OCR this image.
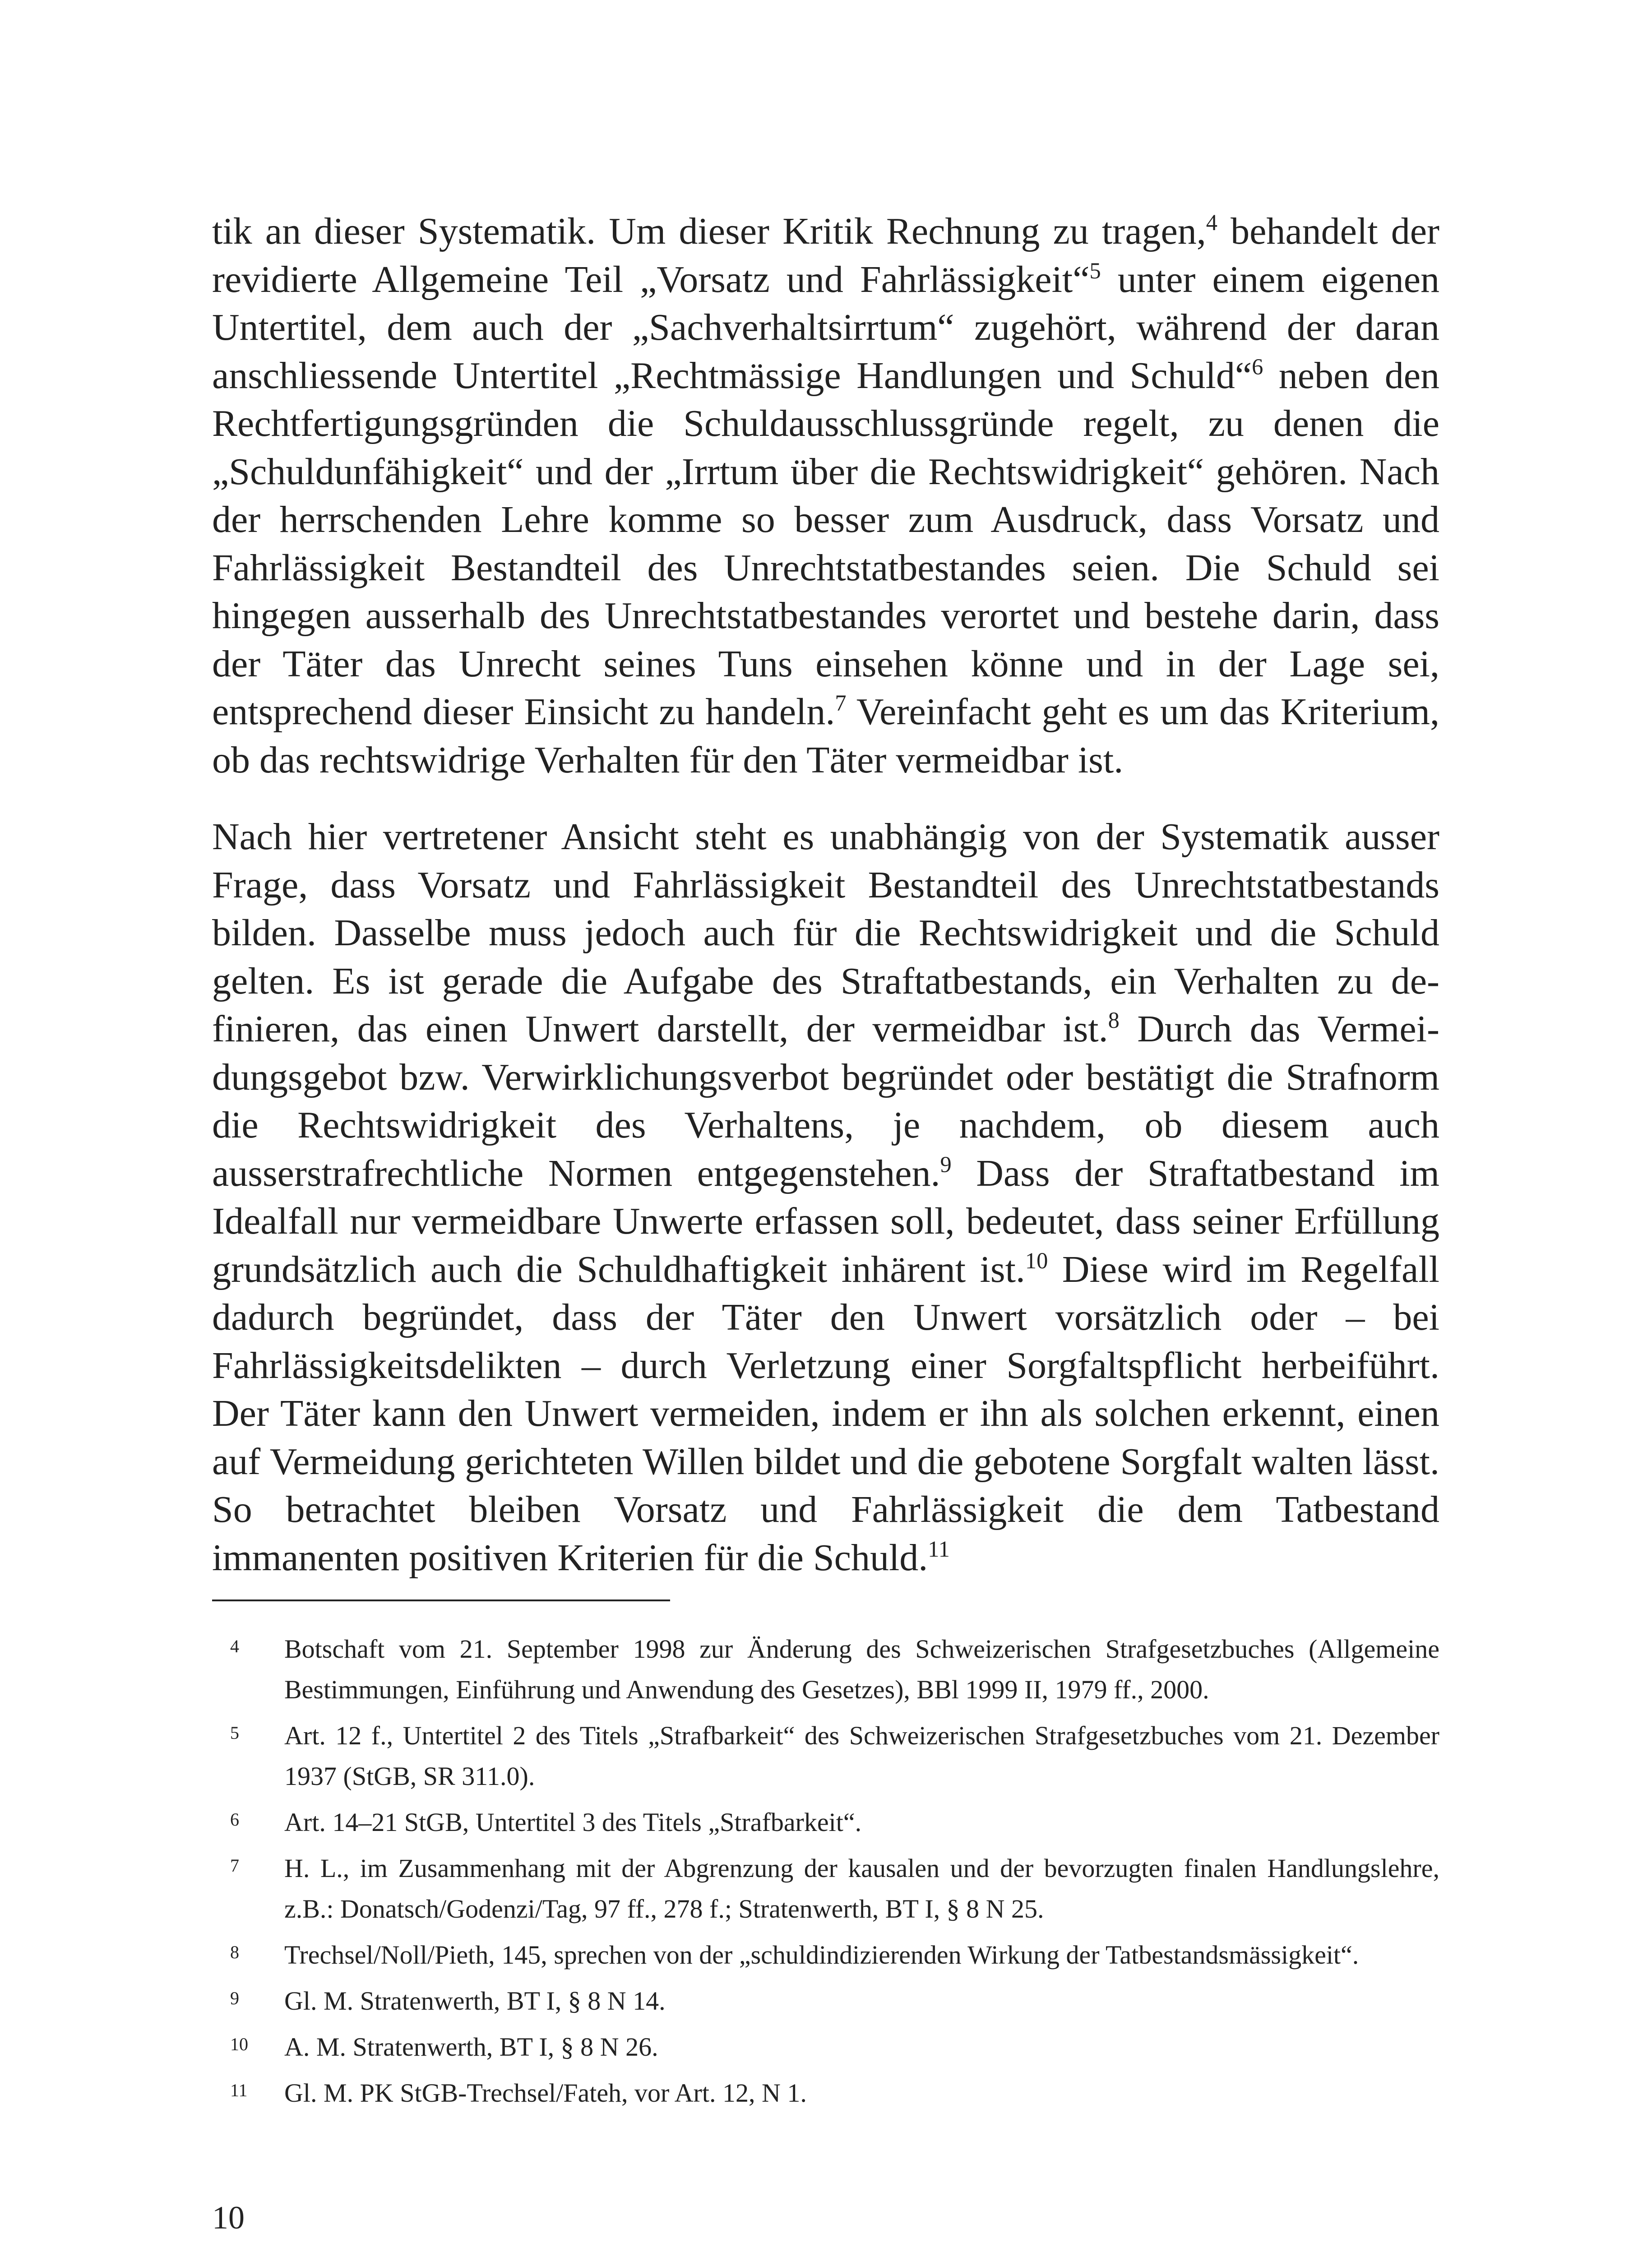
tik an dieser Systematik. Um dieser Kritik Rechnung zu tragen,$^4$ behandelt der revidierte Allgemeine Teil „Vorsatz und Fahrlässigkeit“$^5$ unter einem eigenen Untertitel, dem auch der „Sachverhaltsirrtum“ zugehört, während der daran anschliessende Untertitel „Rechtmässige Handlungen und Schuld“$^6$ neben den Rechtfertigungsgründen die Schuldausschlussgründe regelt, zu denen die „Schuldunfähigkeit“ und der „Irrtum über die Rechtswidrigkeit“ gehören. Nach der herrschenden Lehre komme so besser zum Ausdruck, dass Vorsatz und Fahrlässigkeit Bestandteil des Unrechtstatbestandes seien. Die Schuld sei hingegen ausserhalb des Unrechtstatbestandes verortet und bestehe darin, dass der Täter das Unrecht seines Tuns einsehen könne und in der Lage sei, entsprechend dieser Einsicht zu handeln.$^7$ Vereinfacht geht es um das Kriterium, ob das rechtswidrige Verhalten für den Täter vermeidbar ist.

Nach hier vertretener Ansicht steht es unabhängig von der Systematik ausser Frage, dass Vorsatz und Fahrlässigkeit Bestandteil des Unrechtstatbestands bilden. Dasselbe muss jedoch auch für die Rechtswidrigkeit und die Schuld gelten. Es ist gerade die Aufgabe des Straftatbestands, ein Verhalten zu definieren, das einen Unwert darstellt, der vermeidbar ist.$^8$ Durch das Vermeidungsgebot bzw. Verwirklichungsverbot begründet oder bestätigt die Strafnorm die Rechtswidrigkeit des Verhaltens, je nachdem, ob diesem auch ausserstrafrechtliche Normen entgegenstehen.$^9$ Dass der Straftatbestand im Idealfall nur vermeidbare Unwerte erfassen soll, bedeutet, dass seiner Erfüllung grundsätzlich auch die Schuldhaftigkeit inhärent ist.$^{10}$ Diese wird im Regelfall dadurch begründet, dass der Täter den Unwert vorsätzlich oder – bei Fahrlässigkeitsdelikten – durch Verletzung einer Sorgfaltspflicht herbeiführt. Der Täter kann den Unwert vermeiden, indem er ihn als solchen erkennt, einen auf Vermeidung gerichteten Willen bildet und die gebotene Sorgfalt walten lässt. So betrachtet bleiben Vorsatz und Fahrlässigkeit die dem Tatbestand immanenten positiven Kriterien für die Schuld.$^{11}$

4 Botschaft vom 21. September 1998 zur Änderung des Schweizerischen Strafgesetzbuches (Allgemeine Bestimmungen, Einführung und Anwendung des Gesetzes), BBl 1999 II, 1979 ff., 2000.
5 Art. 12 f., Untertitel 2 des Titels „Strafbarkeit“ des Schweizerischen Strafgesetzbuches vom 21. Dezember 1937 (StGB, SR 311.0).
6 Art. 14–21 StGB, Untertitel 3 des Titels „Strafbarkeit“.
7 H. L., im Zusammenhang mit der Abgrenzung der kausalen und der bevorzugten finalen Handlungslehre, z.B.: Donatsch/Godenzi/Tag, 97 ff., 278 f.; Stratenwerth, BT I, § 8 N 25.
8 Trechsel/Noll/Pieth, 145, sprechen von der „schuldindizierenden Wirkung der Tatbestandsmässigkeit“.
9 Gl. M. Stratenwerth, BT I, § 8 N 14.
10 A. M. Stratenwerth, BT I, § 8 N 26.
11 Gl. M. PK StGB-Trechsel/Fateh, vor Art. 12, N 1.
10
